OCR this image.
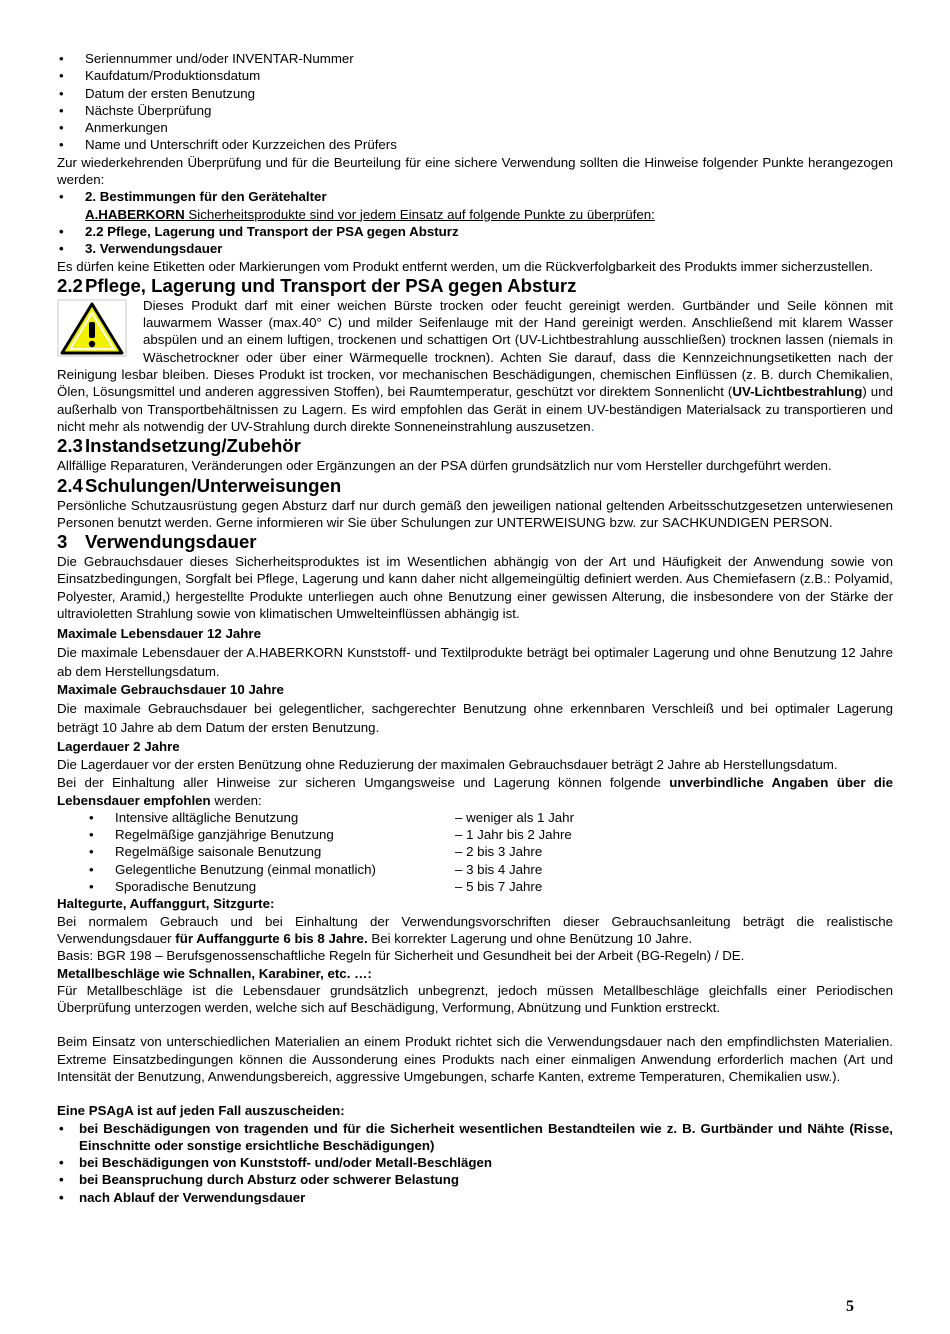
• Seriennummer und/oder INVENTAR-Nummer
• Kaufdatum/Produktionsdatum
• Datum der ersten Benutzung
• Nächste Überprüfung
• Anmerkungen
• Name und Unterschrift oder Kurzzeichen des Prüfers

Zur wiederkehrenden Überprüfung und für die Beurteilung für eine sichere Verwendung sollten die Hinweise folgender Punkte herangezogen werden:

• 2. Bestimmungen für den Gerätehalter
A.HABERKORN Sicherheitsprodukte sind vor jedem Einsatz auf folgende Punkte zu überprüfen:
• 2.2 Pflege, Lagerung und Transport der PSA gegen Absturz
• 3. Verwendungsdauer

Es dürfen keine Etiketten oder Markierungen vom Produkt entfernt werden, um die Rückverfolgbarkeit des Produkts immer sicherzustellen.

2.2 Pflege, Lagerung und Transport der PSA gegen Absturz

Dieses Produkt darf mit einer weichen Bürste trocken oder feucht gereinigt werden. Gurtbänder und Seile können mit lauwarmem Wasser (max.40° C) und milder Seifenlauge mit der Hand gereinigt werden. Anschließend mit klarem Wasser abspülen und an einem luftigen, trockenen und schattigen Ort (UV-Lichtbestrahlung ausschließen) trocknen lassen (niemals in Wäschetrockner oder über einer Wärmequelle trocknen). Achten Sie darauf, dass die Kennzeichnungsetiketten nach der Reinigung lesbar bleiben. Dieses Produkt ist trocken, vor mechanischen Beschädigungen, chemischen Einflüssen (z. B. durch Chemikalien, Ölen, Lösungsmittel und anderen aggressiven Stoffen), bei Raumtemperatur, geschützt vor direktem Sonnenlicht (UV-Lichtbestrahlung) und außerhalb von Transportbehältnissen zu Lagern. Es wird empfohlen das Gerät in einem UV-beständigen Materialsack zu transportieren und nicht mehr als notwendig der UV-Strahlung durch direkte Sonneneinstrahlung auszusetzen.

2.3 Instandsetzung/Zubehör

Allfällige Reparaturen, Veränderungen oder Ergänzungen an der PSA dürfen grundsätzlich nur vom Hersteller durchgeführt werden.

2.4 Schulungen/Unterweisungen

Persönliche Schutzausrüstung gegen Absturz darf nur durch gemäß den jeweiligen national geltenden Arbeitsschutzgesetzen unterwiesenen Personen benutzt werden. Gerne informieren wir Sie über Schulungen zur UNTERWEISUNG bzw. zur SACHKUNDIGEN PERSON.

3 Verwendungsdauer

Die Gebrauchsdauer dieses Sicherheitsproduktes ist im Wesentlichen abhängig von der Art und Häufigkeit der Anwendung sowie von Einsatzbedingungen, Sorgfalt bei Pflege, Lagerung und kann daher nicht allgemeingültig definiert werden. Aus Chemiefasern (z.B.: Polyamid, Polyester, Aramid,) hergestellte Produkte unterliegen auch ohne Benutzung einer gewissen Alterung, die insbesondere von der Stärke der ultravioletten Strahlung sowie von klimatischen Umwelteinflüssen abhängig ist.

Maximale Lebensdauer 12 Jahre

Die maximale Lebensdauer der A.HABERKORN Kunststoff- und Textilprodukte beträgt bei optimaler Lagerung und ohne Benutzung 12 Jahre ab dem Herstellungsdatum.

Maximale Gebrauchsdauer 10 Jahre

Die maximale Gebrauchsdauer bei gelegentlicher, sachgerechter Benutzung ohne erkennbaren Verschleiß und bei optimaler Lagerung beträgt 10 Jahre ab dem Datum der ersten Benutzung.

Lagerdauer 2 Jahre

Die Lagerdauer vor der ersten Benützung ohne Reduzierung der maximalen Gebrauchsdauer beträgt 2 Jahre ab Herstellungsdatum.

Bei der Einhaltung aller Hinweise zur sicheren Umgangsweise und Lagerung können folgende unverbindliche Angaben über die Lebensdauer empfohlen werden:

• Intensive alltägliche Benutzung	– weniger als 1 Jahr
• Regelmäßige ganzjährige Benutzung	– 1 Jahr bis 2 Jahre
• Regelmäßige saisonale Benutzung	– 2 bis 3 Jahre
• Gelegentliche Benutzung (einmal monatlich)	– 3 bis 4 Jahre
• Sporadische Benutzung	– 5 bis 7 Jahre

Haltegurte, Auffanggurt, Sitzgurte:

Bei normalem Gebrauch und bei Einhaltung der Verwendungsvorschriften dieser Gebrauchsanleitung beträgt die realistische Verwendungsdauer für Auffanggurte 6 bis 8 Jahre. Bei korrekter Lagerung und ohne Benützung 10 Jahre.

Basis: BGR 198 – Berufsgenossenschaftliche Regeln für Sicherheit und Gesundheit bei der Arbeit (BG-Regeln) / DE.

Metallbeschläge wie Schnallen, Karabiner, etc. …:

Für Metallbeschläge ist die Lebensdauer grundsätzlich unbegrenzt, jedoch müssen Metallbeschläge gleichfalls einer Periodischen Überprüfung unterzogen werden, welche sich auf Beschädigung, Verformung, Abnützung und Funktion erstreckt.

Beim Einsatz von unterschiedlichen Materialien an einem Produkt richtet sich die Verwendungsdauer nach den empfindlichsten Materialien. Extreme Einsatzbedingungen können die Aussonderung eines Produkts nach einer einmaligen Anwendung erforderlich machen (Art und Intensität der Benutzung, Anwendungsbereich, aggressive Umgebungen, scharfe Kanten, extreme Temperaturen, Chemikalien usw.).

Eine PSAgA ist auf jeden Fall auszuscheiden:

• bei Beschädigungen von tragenden und für die Sicherheit wesentlichen Bestandteilen wie z. B. Gurtbänder und Nähte (Risse, Einschnitte oder sonstige ersichtliche Beschädigungen)
• bei Beschädigungen von Kunststoff- und/oder Metall-Beschlägen
• bei Beanspruchung durch Absturz oder schwerer Belastung
• nach Ablauf der Verwendungsdauer
5
